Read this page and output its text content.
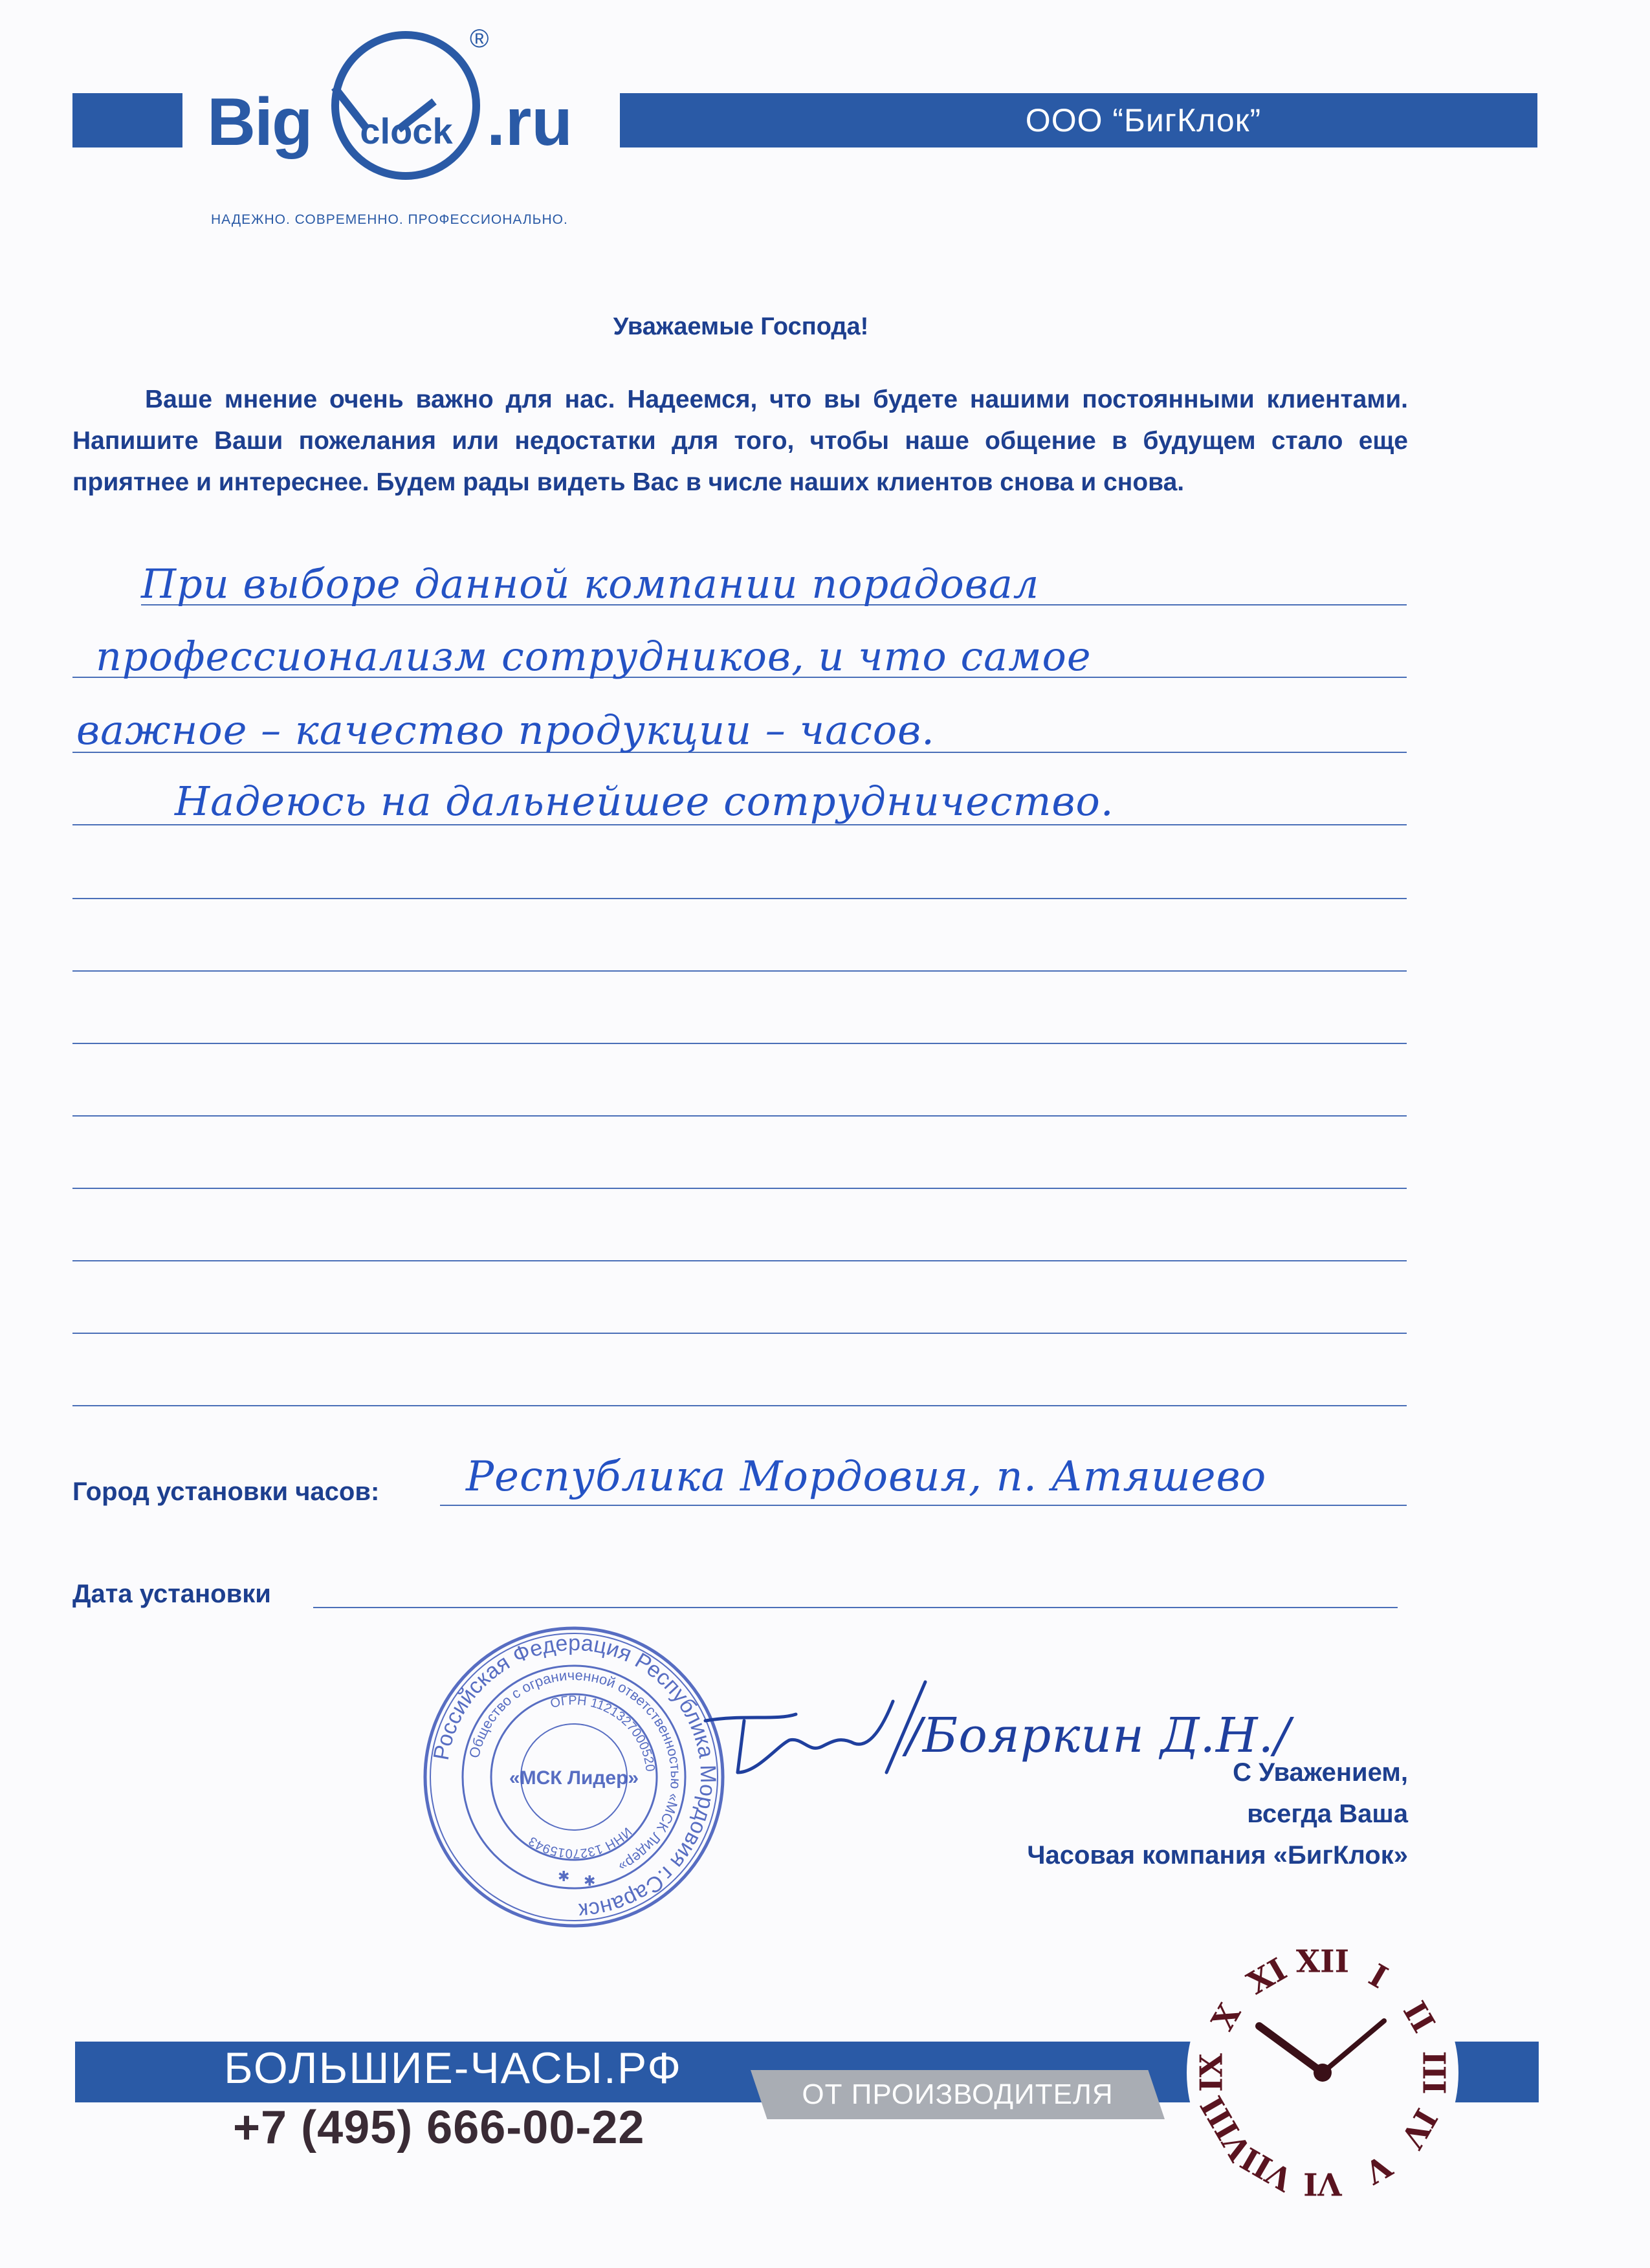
ООО “БигКлок”
Big	clock .ru
®
НАДЕЖНО. СОВРЕМЕННО. ПРОФЕССИОНАЛЬНО.
Уважаемые Господа!

Ваше мнение очень важно для нас. Надеемся, что вы будете нашими постоянными клиентами. Напишите Ваши пожелания или недостатки для того, чтобы наше общение в будущем стало еще приятнее и интереснее. Будем рады видеть Вас в числе наших клиентов снова и снова.

При выборе данной компании порадовал
профессионализм сотрудников, и что самое
важное – качество продукции – часов.
Надеюсь на дальнейшее сотрудничество.
Город установки часов: Республика Мордовия, п. Атяшево
Дата установки
Российская Федерация Республика Мордовия г.Саранск
Общество с ограниченной ответственностью «МСК Лидер»
ОГРН 1121327000520
ИНН 1327015943
«МСК Лидер»
✱ ✱
/Бояркин Д.Н./
С Уважением,
всегда Ваша
Часовая компания «БигКлок»
БОЛЬШИЕ-ЧАСЫ.РФ
ОТ ПРОИЗВОДИТЕЛЯ
+7 (495) 666-00-22
XII I
II
III
IV
V
VI
VII
VIII
IX
X
XI
